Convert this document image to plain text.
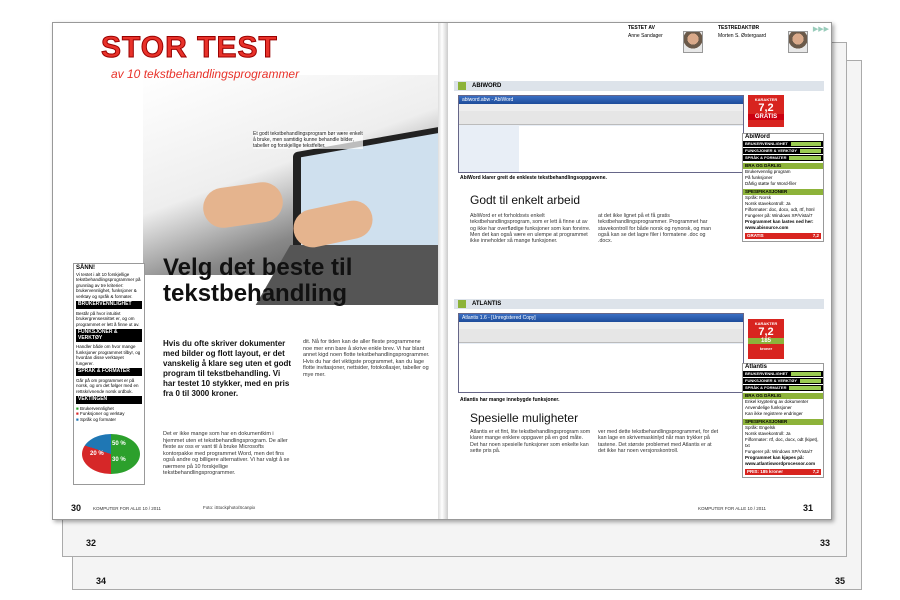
32	33
34	35
STOR TEST
av 10 tekstbehandlingsprogrammer
Et godt tekstbehandlingsprogram bør være enkelt å bruke, men samtidig kunne behandle bilder, tabeller og forskjellige tekstfelter.
SÅNN!
Vi testet i alt 10 forskjellige tekstbehandlingsprogrammer på grunnlag av tre kriterier: brukervennlighet, funksjoner & verktøy og språk & formater.
BRUKERVENNLIGHET
Består på hvor intuitivt brukergrensesnittet er, og om programmet er lett å finne ut av.
FUNKSJONER & VERKTØY
Handler både om hvor mange funksjoner programmet tilbyr, og hvordan disse verktøyet fungerer.
SPRÅK & FORMATER
Går på om programmet er på norsk, og om det følger med en rettskrivnende norsk ordbok.
VEKTINGEN
■ Brukervennlighet
■ Funksjoner og verktøy
■ Språk og formater
50 %
30 %
20 %
Velg det beste til tekstbehandling
Hvis du ofte skriver dokumenter med bilder og flott layout, er det vanskelig å klare seg uten et godt program til tekstbehandling. Vi har testet 10 stykker, med en pris fra 0 til 3000 kroner.
Det er ikke mange som har en dokumentkim i hjemmet uten et tekstbehandlingsprogram. De aller fleste av oss er vant til å bruke Microsofts kontorpakke med programmet Word, men det fins også andre og billigere alternativer. Vi har valgt å se nærmere på 10 forskjellige tekstbehandlingsprogrammer.
dit. Nå for tiden kan de aller fleste programmene noe mer enn bare å skrive enkle brev. Vi har blant annet kigd noen flotte tekstbehandlingsprogrammer. Hvis du har det viktigste programmet, kan du lage flotte invitasjoner, nettsider, fotokollasjer, tabeller og mye mer.
Foto: iStockphoto/Scanpix
30	KOMPUTER FOR ALLE 10 / 2011
TESTET AV
Anne Sandager
TESTREDAKTØR
Morten S. Østergaard
▶▶▶
ABIWORD
abiword.abw - AbiWord
AbiWord klarer greit de enkleste tekstbehandlingsoppgavene.
KARAKTER
7,2
GRATIS
Godt til enkelt arbeid
AbiWord er et forholdsvis enkelt tekstbehandlingsprogram, som er lett å finne ut av og ikke har overflødige funksjoner som kan forvirre. Men det kan også være en ulempe at programmet ikke inneholder så mange funksjoner.
at det ikke lignet på et få gratis tekstbehandlingsprogrammer. Programmet har stavekontroll for både norsk og nynorsk, og man også kan se det lagre filer i formatene .doc og .docx.
AbiWord
BRUKERVENNLIGHET
FUNKSJONER & VERKTØY
SPRÅK & FORMATER
BRA OG DÅRLIG
Brukervennlig program
På funksjoner
Dårlig støtte for Word-filer
SPESIFIKASJONER
Språk: Norsk
Norsk stavekontroll: Ja
Filformater: doc, docx, odt, rtf, html
Fungerer på: Windows XP/Vista/7
Programmet kan lastes ned her: www.abisource.com
GRATIS	7,2
ATLANTIS
Atlantis 1.6 - [Unregistered Copy]
Atlantis har mange innebygde funksjoner.
KARAKTER
7,2
185
kroner
Spesielle muligheter
Atlantis er et fint, lite tekstbehandlingsprogram som klarer mange enklere oppgaver på en god måte. Det har noen spesielle funksjoner som enkelte kan sette pris på.
ver med dette tekstbehandlingsprogrammet, for det kan lage en skrivemaskinlyd når man trykker på tastene. Det største problemet med Atlantis er at det ikke har noen versjonskontroll.
Atlantis
BRUKERVENNLIGHET
FUNKSJONER & VERKTØY
SPRÅK & FORMATER
BRA OG DÅRLIG
Enkel kryptering av dokumenter
Anvendelige funksjoner
Kan ikke registrere endringer
SPESIFIKASJONER
Språk: Engelsk
Norsk stavekontroll: Ja
Filformater: rtf, doc, docx, odt (kipet), txt
Fungerer på: Windows XP/Vista/7
Programmet kan kjøpes på: www.atlantiswordprocessor.com
PRIS: 185 kroner	7,2
KOMPUTER FOR ALLE 10 / 2011	31
